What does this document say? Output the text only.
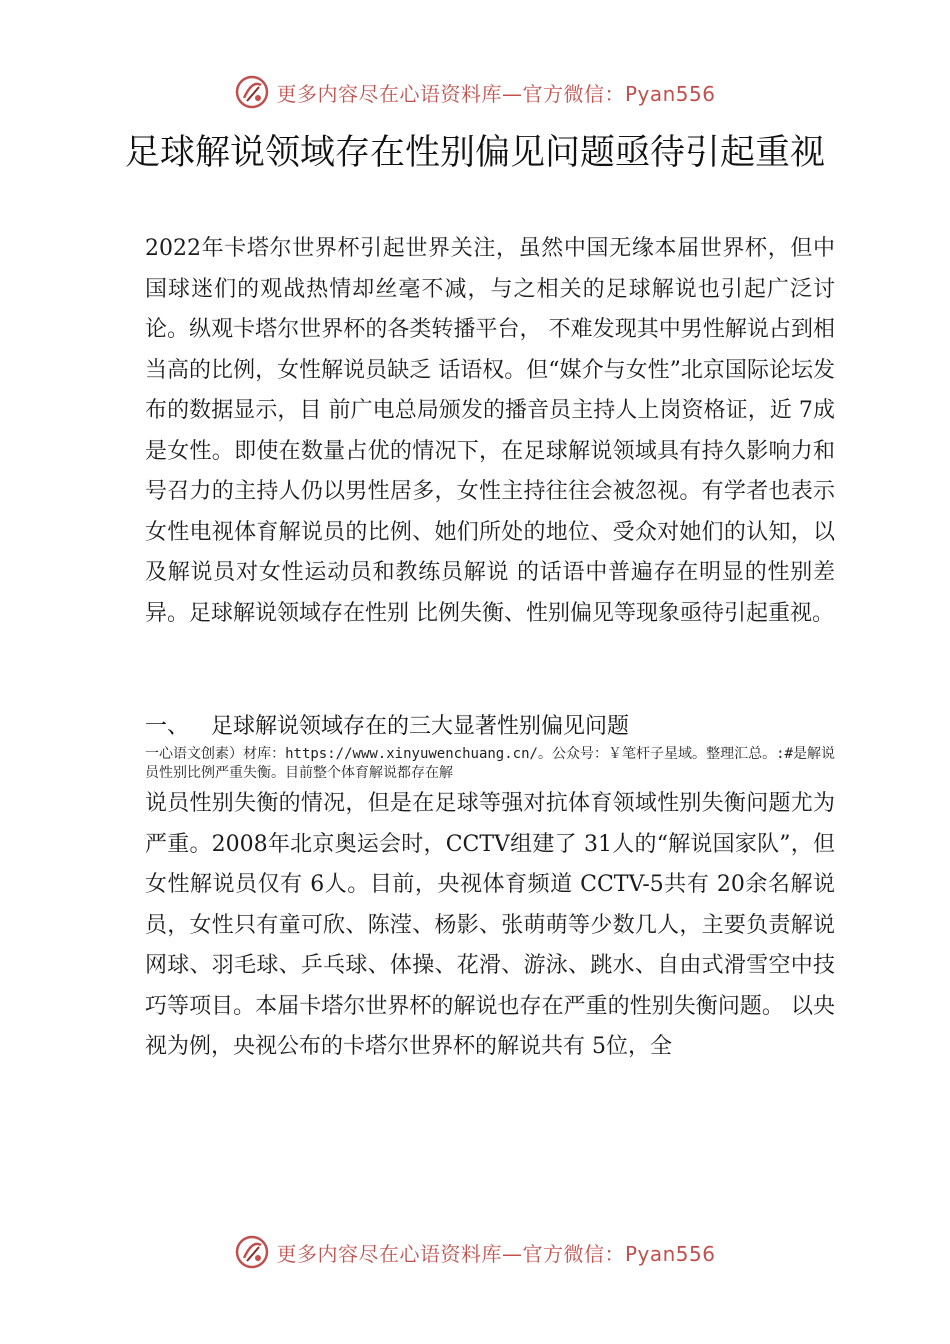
更多内容尽在心语资料库—官方微信：Pyan556
足球解说领域存在性别偏见问题亟待引起重视
2022年卡塔尔世界杯引起世界关注，虽然中国无缘本届世界杯，但中国球迷们的观战热情却丝毫不减，与之相关的足球解说也引起广泛讨论。纵观卡塔尔世界杯的各类转播平台， 不难发现其中男性解说占到相当高的比例，女性解说员缺乏 话语权。但“媒介与女性”北京国际论坛发布的数据显示，目 前广电总局颁发的播音员主持人上岗资格证，近 7成是女性。即使在数量占优的情况下，在足球解说领域具有持久影响力和号召力的主持人仍以男性居多，女性主持往往会被忽视。有学者也表示女性电视体育解说员的比例、她们所处的地位、受众对她们的认知，以及解说员对女性运动员和教练员解说 的话语中普遍存在明显的性别差异。足球解说领域存在性别 比例失衡、性别偏见等现象亟待引起重视。
一、 足球解说领域存在的三大显著性别偏见问题
一心语文创素）材库：https://www.xinyuwenchuang.cn/。公众号：￥笔杆子星域。整理汇总。:#是解说员性别比例严重失衡。目前整个体育解说都存在解
说员性别失衡的情况，但是在足球等强对抗体育领域性别失衡问题尤为严重。2008年北京奥运会时，CCTV组建了 31人的“解说国家队”，但女性解说员仅有 6人。目前，央视体育频道 CCTV-5共有 20余名解说员，女性只有童可欣、陈滢、杨影、张萌萌等少数几人，主要负责解说网球、羽毛球、乒乓球、体操、花滑、游泳、跳水、自由式滑雪空中技巧等项目。本届卡塔尔世界杯的解说也存在严重的性别失衡问题。 以央视为例，央视公布的卡塔尔世界杯的解说共有 5位，全
更多内容尽在心语资料库—官方微信：Pyan556
